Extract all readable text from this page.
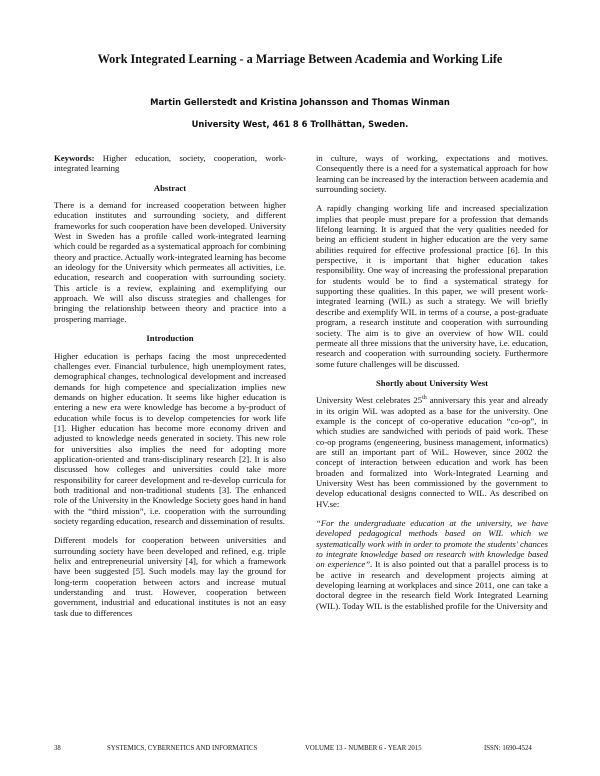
Work Integrated Learning - a Marriage Between Academia and Working Life
Martin Gellerstedt and Kristina Johansson and Thomas Winman
University West, 461 8 6 Trollhättan, Sweden.

Keywords: Higher education, society, cooperation, work-integrated learning

Abstract

There is a demand for increased cooperation between higher education institutes and surrounding society, and different frameworks for such cooperation have been developed. University West in Sweden has a profile called work-integrated learning which could be regarded as a systematical approach for combining theory and practice. Actually work-integrated learning has become an ideology for the University which permeates all activities, i.e. education, research and cooperation with surrounding society. This article is a review, explaining and exemplifying our approach. We will also discuss strategies and challenges for bringing the relationship between theory and practice into a prospering marriage.

Introduction

Higher education is perhaps facing the most unprecedented challenges ever. Financial turbulence, high unemployment rates, demographical changes, technological development and increased demands for high competence and specialization implies new demands on higher education. It seems like higher education is entering a new era were knowledge has become a by-product of education while focus is to develop competencies for work life [1]. Higher education has become more economy driven and adjusted to knowledge needs generated in society. This new role for universities also implies the need for adopting more application-oriented and trans-disciplinary research [2]. It is also discussed how colleges and universities could take more responsibility for career development and re-develop curricula for both traditional and non-traditional students [3]. The enhanced role of the University in the Knowledge Society goes hand in hand with the “third mission”, i.e. cooperation with the surrounding society regarding education, research and dissemination of results.

Different models for cooperation between universities and surrounding society have been developed and refined, e.g. triple helix and entrepreneurial university [4], for which a framework have been suggested [5]. Such models may lay the ground for long-term cooperation between actors and increase mutual understanding and trust. However, cooperation between government, industrial and educational institutes is not an easy task due to differences

in culture, ways of working, expectations and motives. Consequently there is a need for a systematical approach for how learning can be increased by the interaction between academia and surrounding society.

A rapidly changing working life and increased specialization implies that people must prepare for a profession that demands lifelong learning. It is argued that the very qualities needed for being an efficient student in higher education are the very same abilities required for effective professional practice [6]. In this perspective, it is important that higher education takes responsibility. One way of increasing the professional preparation for students would be to find a systematical strategy for supporting these qualities. In this paper, we will present work-integrated learning (WIL) as such a strategy. We will briefly describe and exemplify WIL in terms of a course, a post-graduate program, a research institute and cooperation with surrounding society. The aim is to give an overview of how WIL could permeate all three missions that the university have, i.e. education, research and cooperation with surrounding society. Furthermore some future challenges will be discussed.

Shortly about University West

University West celebrates 25th anniversary this year and already in its origin WiL was adopted as a base for the university. One example is the concept of co-operative education “co-op”, in which studies are sandwiched with periods of paid work. These co-op programs (engeneering, business management, informatics) are still an important part of WiL. However, since 2002 the concept of interaction between education and work has been broaden and formalized into Work-Integrated Learning and University West has been commissioned by the government to develop educational designs connected to WIL. As described on HV.se:

“For the undergraduate education at the university, we have developed pedagogical methods based on WIL which we systematically work with in order to promote the students' chances to integrate knowledge based on research with knowledge based on experience”. It is also pointed out that a parallel process is to be active in research and development projects aiming at developing learning at workplaces and since 2011, one can take a doctoral degree in the research field Work Integrated Learning (WIL). Today WIL is the established profile for the University and

38	SYSTEMICS, CYBERNETICS AND INFORMATICS	VOLUME 13 - NUMBER 6 - YEAR 2015	ISSN: 1690-4524
